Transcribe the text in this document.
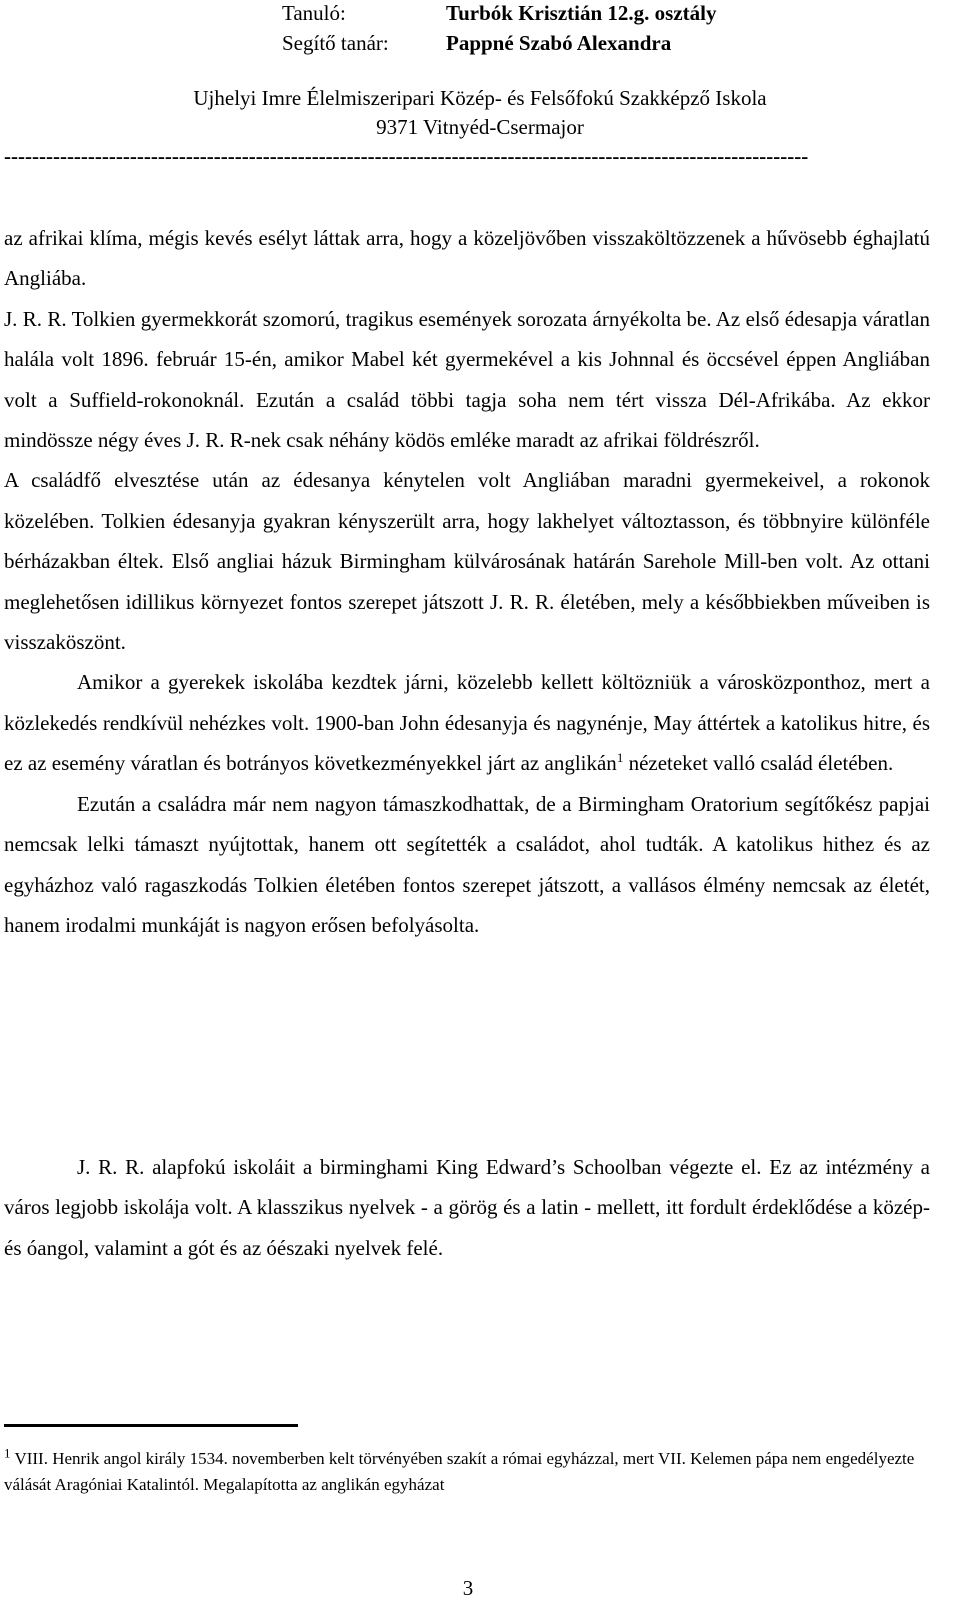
Tanuló:	Turbók Krisztián 12.g. osztály
Segítő tanár:	Pappné Szabó Alexandra
Ujhelyi Imre Élelmiszeripari Közép- és Felsőfokú Szakképző Iskola
9371 Vitnyéd-Csermajor
-------------------------------------------------------------------------------------------------------------------

az afrikai klíma, mégis kevés esélyt láttak arra, hogy a közeljövőben visszaköltözzenek a hűvösebb éghajlatú Angliába.

J. R. R. Tolkien gyermekkorát szomorú, tragikus események sorozata árnyékolta be. Az első édesapja váratlan halála volt 1896. február 15-én, amikor Mabel két gyermekével a kis Johnnal és öccsével éppen Angliában volt a Suffield-rokonoknál. Ezután a család többi tagja soha nem tért vissza Dél-Afrikába. Az ekkor mindössze négy éves J. R. R-nek csak néhány ködös emléke maradt az afrikai földrészről.

A családfő elvesztése után az édesanya kénytelen volt Angliában maradni gyermekeivel, a rokonok közelében. Tolkien édesanyja gyakran kényszerült arra, hogy lakhelyet változtasson, és többnyire különféle bérházakban éltek. Első angliai házuk Birmingham külvárosának határán Sarehole Mill-ben volt. Az ottani meglehetősen idillikus környezet fontos szerepet játszott J. R. R. életében, mely a későbbiekben műveiben is visszaköszönt.

Amikor a gyerekek iskolába kezdtek járni, közelebb kellett költözniük a városközponthoz, mert a közlekedés rendkívül nehézkes volt. 1900-ban John édesanyja és nagynénje, May áttértek a katolikus hitre, és ez az esemény váratlan és botrányos következményekkel járt az anglikán$^1$ nézeteket valló család életében.

Ezután a családra már nem nagyon támaszkodhattak, de a Birmingham Oratorium segítőkész papjai nemcsak lelki támaszt nyújtottak, hanem ott segítették a családot, ahol tudták. A katolikus hithez és az egyházhoz való ragaszkodás Tolkien életében fontos szerepet játszott, a vallásos élmény nemcsak az életét, hanem irodalmi munkáját is nagyon erősen befolyásolta.

J. R. R. alapfokú iskoláit a birminghami King Edward’s Schoolban végezte el. Ez az intézmény a város legjobb iskolája volt. A klasszikus nyelvek - a görög és a latin - mellett, itt fordult érdeklődése a közép- és óangol, valamint a gót és az óészaki nyelvek felé.

$^1$ VIII. Henrik angol király 1534. novemberben kelt törvényében szakít a római egyházzal, mert VII. Kelemen pápa nem engedélyezte válását Aragóniai Katalintól. Megalapította az anglikán egyházat
3
